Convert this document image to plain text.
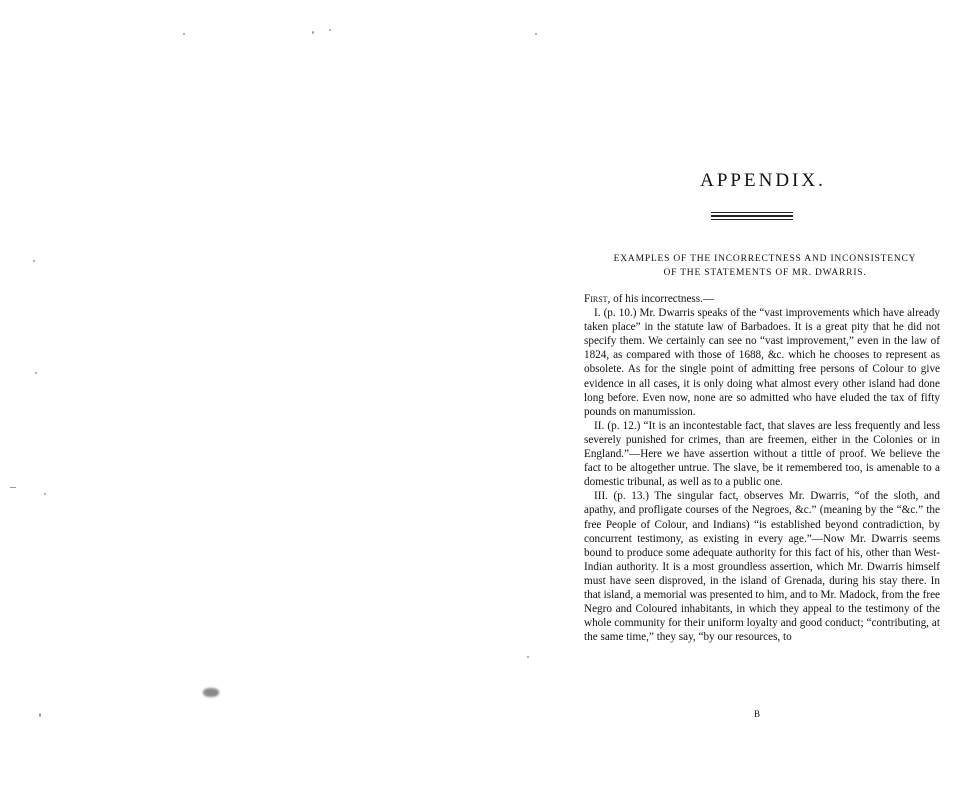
APPENDIX.
EXAMPLES OF THE INCORRECTNESS AND INCONSISTENCY
OF THE STATEMENTS OF MR. DWARRIS.

First, of his incorrectness.—

I. (p. 10.) Mr. Dwarris speaks of the “vast improvements which have already taken place” in the statute law of Barbadoes. It is a great pity that he did not specify them. We certainly can see no “vast improvement,” even in the law of 1824, as compared with those of 1688, &c. which he chooses to represent as obsolete. As for the single point of admitting free persons of Colour to give evidence in all cases, it is only doing what almost every other island had done long before. Even now, none are so admitted who have eluded the tax of fifty pounds on manumission.

II. (p. 12.) “It is an incontestable fact, that slaves are less frequently and less severely punished for crimes, than are freemen, either in the Colonies or in England.”—Here we have assertion without a tittle of proof. We believe the fact to be altogether untrue. The slave, be it remembered too, is amenable to a domestic tribunal, as well as to a public one.

III. (p. 13.) The singular fact, observes Mr. Dwarris, “of the sloth, and apathy, and profligate courses of the Negroes, &c.” (meaning by the “&c.” the free People of Colour, and Indians) “is established beyond contradiction, by concurrent testimony, as existing in every age.”—Now Mr. Dwarris seems bound to produce some adequate authority for this fact of his, other than West-Indian authority. It is a most groundless assertion, which Mr. Dwarris himself must have seen disproved, in the island of Grenada, during his stay there. In that island, a memorial was presented to him, and to Mr. Madock, from the free Negro and Coloured inhabitants, in which they appeal to the testimony of the whole community for their uniform loyalty and good conduct; “contributing, at the same time,” they say, “by our resources, to

B
